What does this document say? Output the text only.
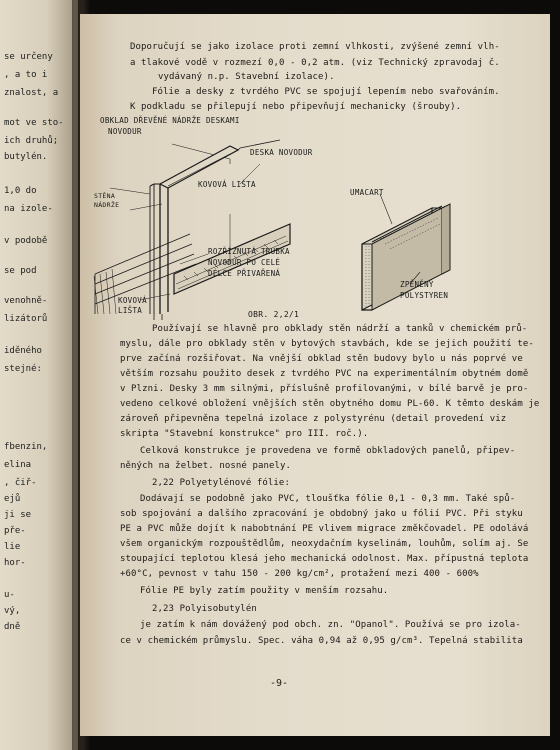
se určeny
, a to i
znalost, a
mot ve sto-
ich druhů;
butylén.
1,0 do
na izole-
v podobě
se pod
venohně-
lizátorů
iděného
stejné:
fbenzin,
elina
, čiř-
ejů
ji se
pře-
lie
hor-
u-
vý,
dně
Doporučují se jako izolace proti zemní vlhkosti, zvýšené zemní vlh-
a tlakové vodě v rozmezí 0,0 - 0,2 atm. (viz Technický zpravodaj č.
vydávaný n.p. Stavební izolace).
Fólie a desky z tvrdého PVC se spojují lepením nebo svařováním.
K podkladu se přilepují nebo připevňují mechanicky (šrouby).
OBKLAD DŘEVĚNÉ NÁDRŽE DESKAMI
NOVODUR
DESKA NOVODUR
KOVOVÁ LIŠTA
STĚNA
NÁDRŽE
ROZŘÍZNUTÁ TRUBKA
NOVODUR PO CELÉ
DÉLCE PŘIVAŘENÁ
KOVOVÁ
LIŠTA
UMACART
ZPĚNĚNÝ
POLYSTYREN
OBR. 2,2/1
Používají se hlavně pro obklady stěn nádrží a tanků v chemickém prů-
myslu, dále pro obklady stěn v bytových stavbách, kde se jejich použití te-
prve začíná rozšiřovat. Na vnější obklad stěn budovy bylo u nás poprvé ve
větším rozsahu použito desek z tvrdého PVC na experimentálním obytném domě
v Plzni. Desky 3 mm silnými, příslušně profilovanými, v bílé barvě je pro-
vedeno celkové obložení vnějších stěn obytného domu PL-60. K těmto deskám je
zároveň připevněna tepelná izolace z polystyrénu (detail provedení viz
skripta "Stavební konstrukce" pro III. roč.).
Celková konstrukce je provedena ve formě obkladových panelů, připev-
něných na želbet. nosné panely.
2,22 Polyetylénové fólie:
Dodávají se podobně jako PVC, tloušťka fólie 0,1 - 0,3 mm. Také spů-
sob spojování a dalšího zpracování je obdobný jako u fólií PVC. Při styku
PE a PVC může dojít k nabobtnání PE vlivem migrace změkčovadel. PE odolává
všem organickým rozpouštědlům, neoxydačním kyselinám, louhům, solím aj. Se
stoupající teplotou klesá jeho mechanická odolnost. Max. přípustná teplota
+60°C, pevnost v tahu 150 - 200 kg/cm², protažení mezi 400 - 600%
Fólie PE byly zatím použity v menším rozsahu.
2,23 Polyisobutylén
je zatím k nám dovážený pod obch. zn. "Opanol". Používá se pro izola-
ce v chemickém průmyslu. Spec. váha 0,94 až 0,95 g/cm³. Tepelná stabilita
-9-
